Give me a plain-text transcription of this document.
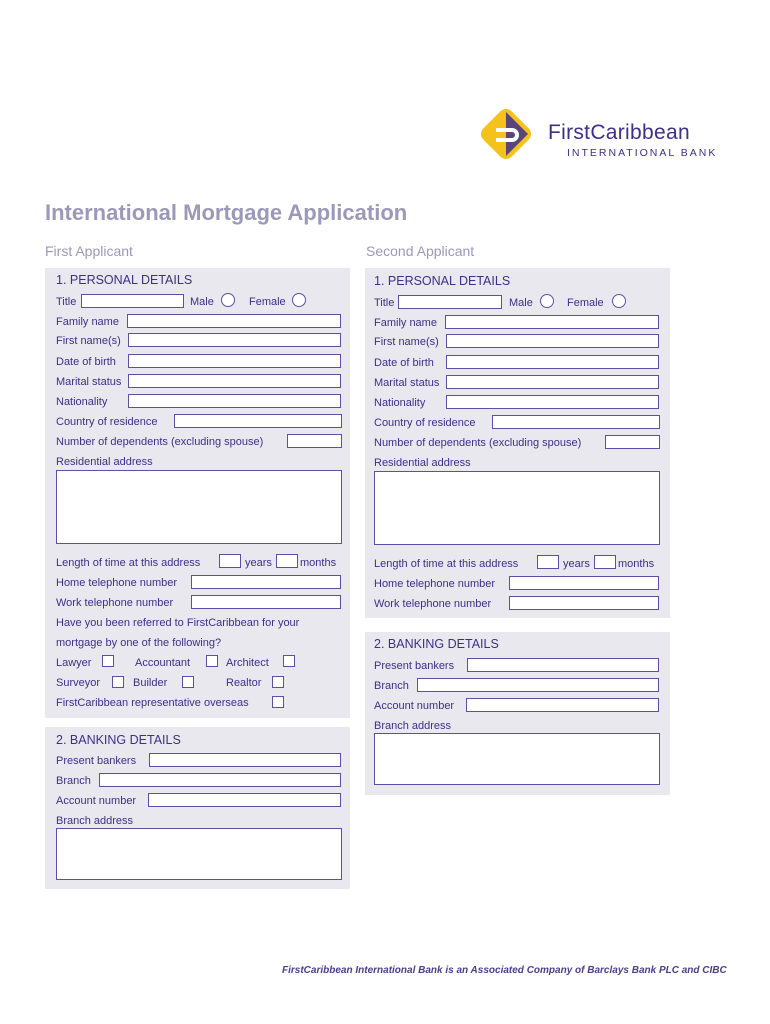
FirstCaribbean
INTERNATIONAL BANK
International Mortgage Application
First Applicant	Second Applicant
1. PERSONAL DETAILS
Title	Male	Female
Family name
First name(s)
Date of birth
Marital status
Nationality
Country of residence
Number of dependents (excluding spouse)
Residential address
Length of time at this address	years	months
Home telephone number
Work telephone number
Have you been referred to FirstCaribbean for your
mortgage by one of the following?
Lawyer	Accountant	Architect
Surveyor	Builder	Realtor
FirstCaribbean representative overseas
2. BANKING DETAILS
Present bankers
Branch
Account number
Branch address
1. PERSONAL DETAILS
Title	Male	Female
Family name
First name(s)
Date of birth
Marital status
Nationality
Country of residence
Number of dependents (excluding spouse)
Residential address
Length of time at this address	years	months
Home telephone number
Work telephone number
2. BANKING DETAILS
Present bankers
Branch
Account number
Branch address
FirstCaribbean International Bank is an Associated Company of Barclays Bank PLC and CIBC
